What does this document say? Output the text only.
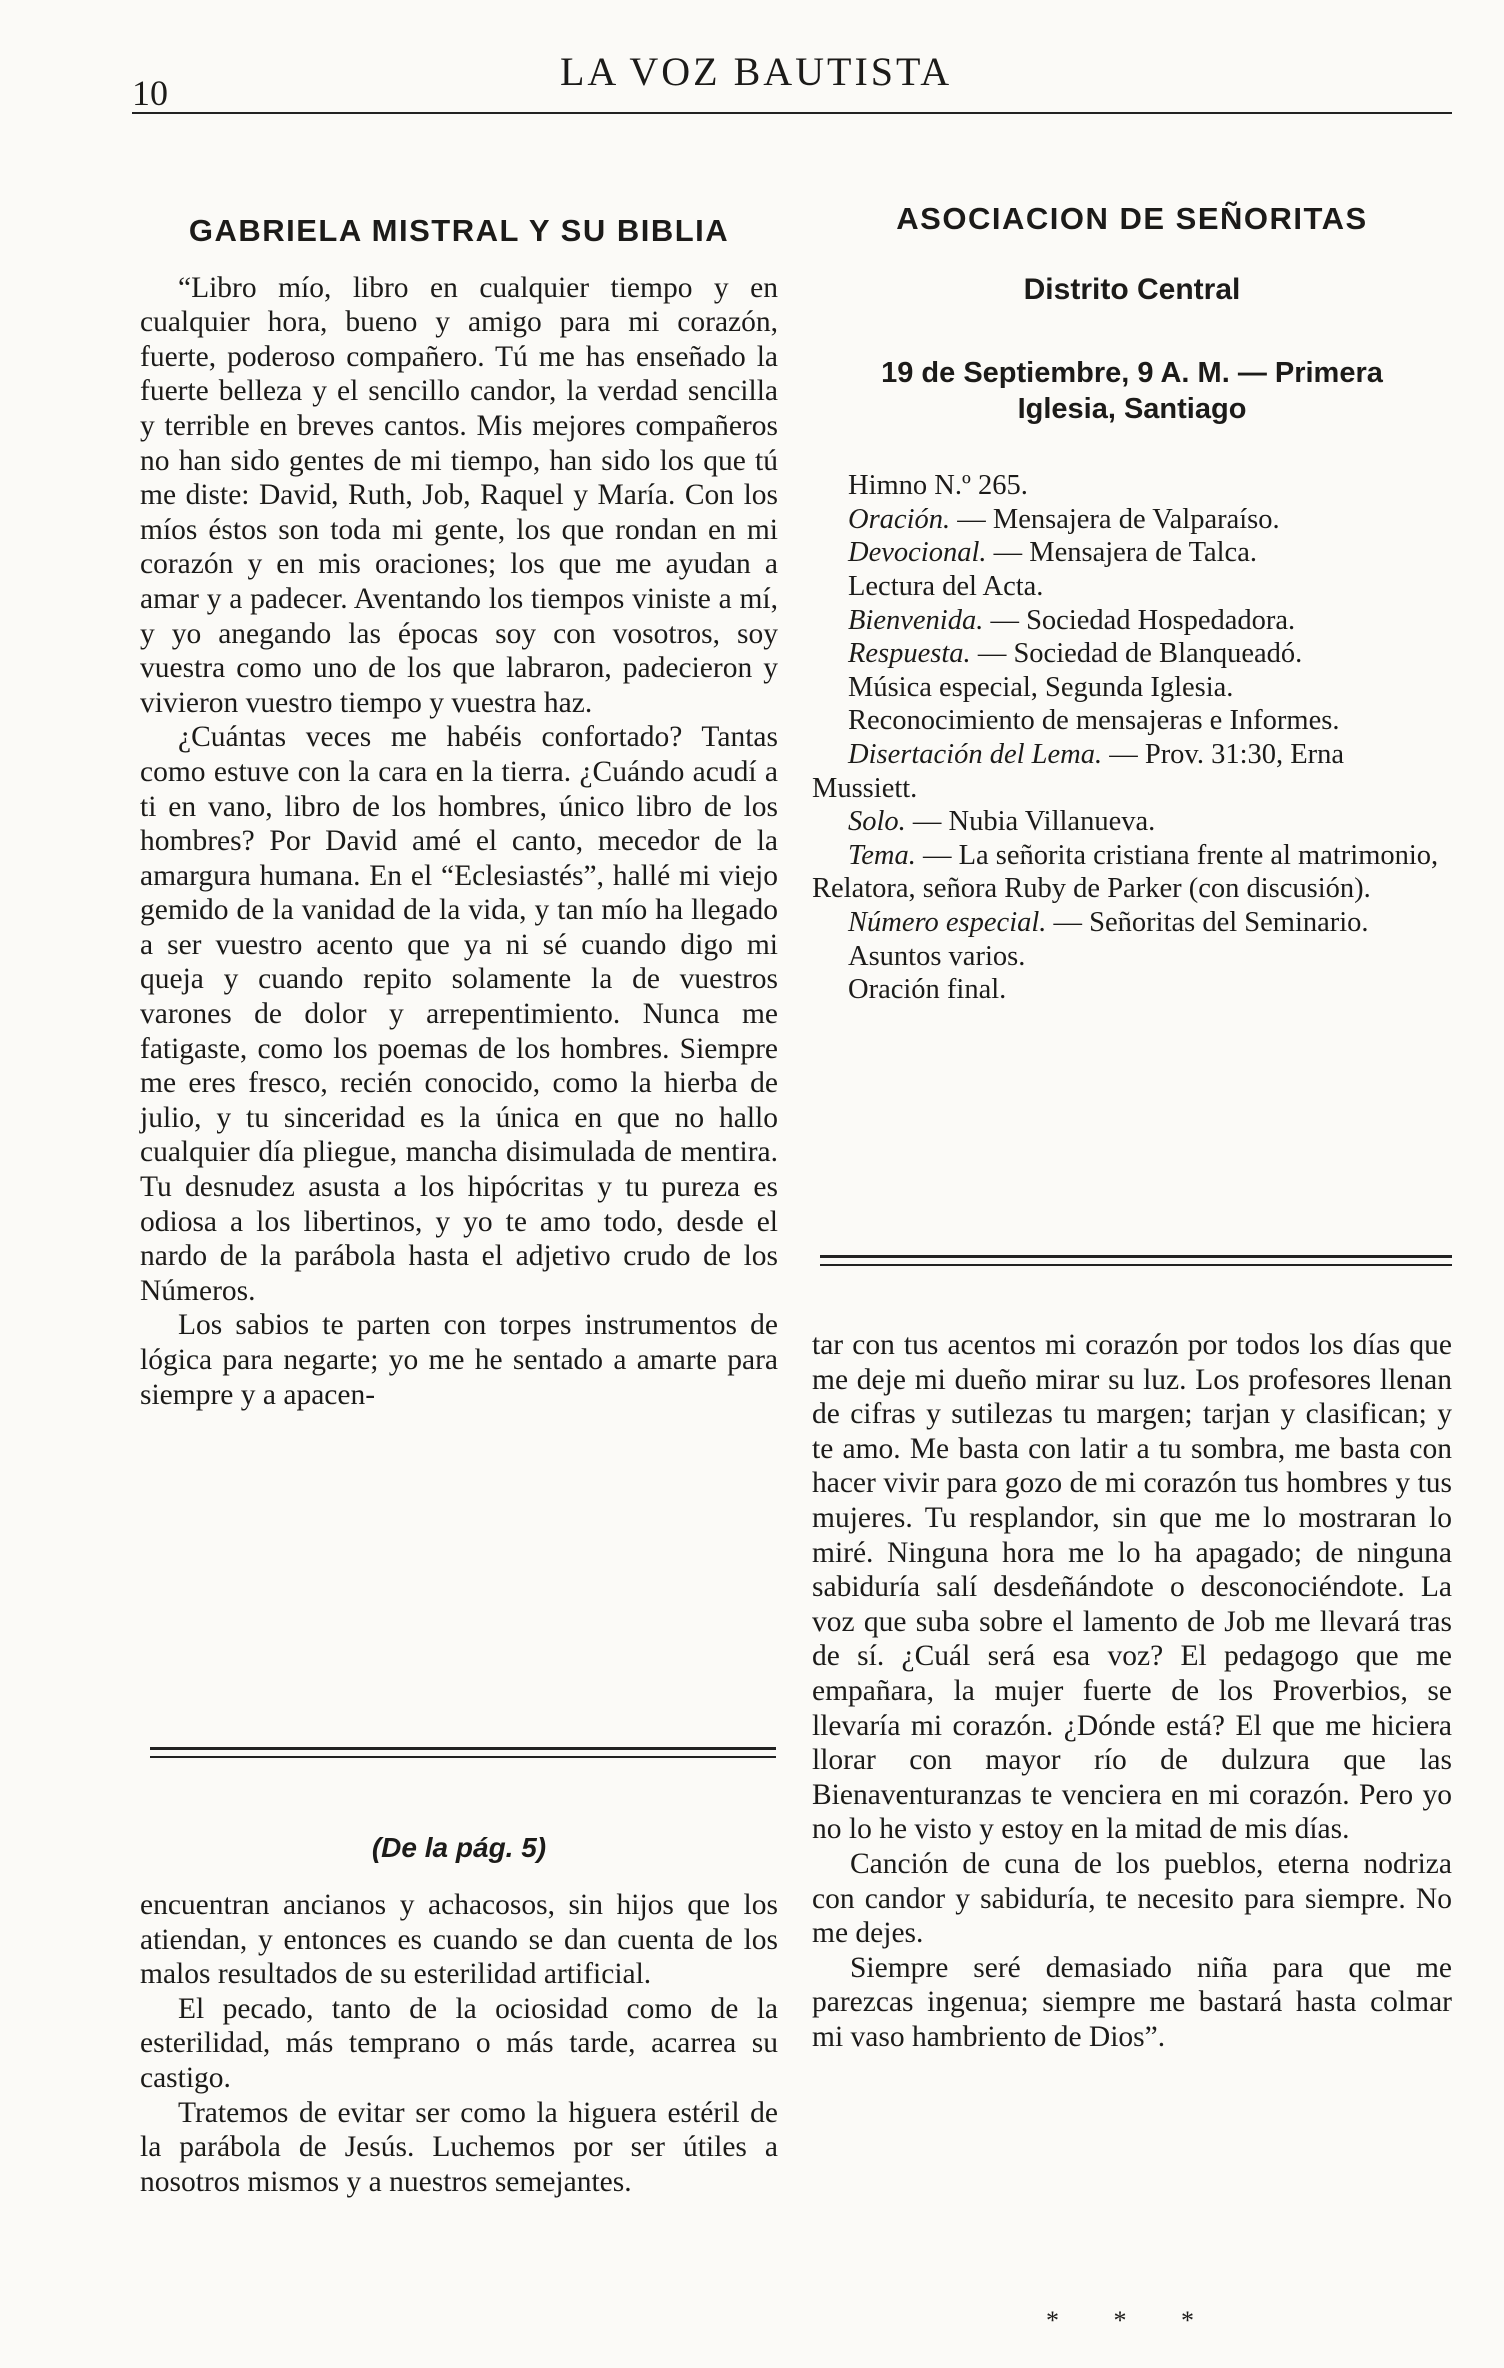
10	LA VOZ BAUTISTA
GABRIELA MISTRAL Y SU BIBLIA

“Libro mío, libro en cualquier tiempo y en cualquier hora, bueno y amigo para mi corazón, fuerte, poderoso compañero. Tú me has enseñado la fuerte belleza y el sencillo candor, la verdad sencilla y terrible en breves cantos. Mis mejores compañeros no han sido gentes de mi tiempo, han sido los que tú me diste: David, Ruth, Job, Raquel y María. Con los míos éstos son toda mi gente, los que rondan en mi corazón y en mis oraciones; los que me ayudan a amar y a padecer. Aventando los tiempos viniste a mí, y yo anegando las épocas soy con vosotros, soy vuestra como uno de los que labraron, padecieron y vivieron vuestro tiempo y vuestra haz.

¿Cuántas veces me habéis confortado? Tantas como estuve con la cara en la tierra. ¿Cuándo acudí a ti en vano, libro de los hombres, único libro de los hombres? Por David amé el canto, mecedor de la amargura humana. En el “Eclesiastés”, hallé mi viejo gemido de la vanidad de la vida, y tan mío ha llegado a ser vuestro acento que ya ni sé cuando digo mi queja y cuando repito solamente la de vuestros varones de dolor y arrepentimiento. Nunca me fatigaste, como los poemas de los hombres. Siempre me eres fresco, recién conocido, como la hierba de julio, y tu sinceridad es la única en que no hallo cualquier día pliegue, mancha disimulada de mentira. Tu desnudez asusta a los hipócritas y tu pureza es odiosa a los libertinos, y yo te amo todo, desde el nardo de la parábola hasta el adjetivo crudo de los Números.

Los sabios te parten con torpes instrumentos de lógica para negarte; yo me he sentado a amarte para siempre y a apacen-

(De la pág. 5)

encuentran ancianos y achacosos, sin hijos que los atiendan, y entonces es cuando se dan cuenta de los malos resultados de su esterilidad artificial.

El pecado, tanto de la ociosidad como de la esterilidad, más temprano o más tarde, acarrea su castigo.

Tratemos de evitar ser como la higuera estéril de la parábola de Jesús. Luchemos por ser útiles a nosotros mismos y a nuestros semejantes.

ASOCIACION DE SEÑORITAS
Distrito Central
19 de Septiembre, 9 A. M. — Primera
Iglesia, Santiago
Himno N.º 265.
Oración. — Mensajera de Valparaíso.
Devocional. — Mensajera de Talca.
Lectura del Acta.
Bienvenida. — Sociedad Hospedadora.
Respuesta. — Sociedad de Blanqueadó.
Música especial, Segunda Iglesia.
Reconocimiento de mensajeras e Informes.
Disertación del Lema. — Prov. 31:30, Erna Mussiett.
Solo. — Nubia Villanueva.
Tema. — La señorita cristiana frente al matrimonio, Relatora, señora Ruby de Parker (con discusión).
Número especial. — Señoritas del Seminario.
Asuntos varios.
Oración final.

tar con tus acentos mi corazón por todos los días que me deje mi dueño mirar su luz. Los profesores llenan de cifras y sutilezas tu margen; tarjan y clasifican; y te amo. Me basta con latir a tu sombra, me basta con hacer vivir para gozo de mi corazón tus hombres y tus mujeres. Tu resplandor, sin que me lo mostraran lo miré. Ninguna hora me lo ha apagado; de ninguna sabiduría salí desdeñándote o desconociéndote. La voz que suba sobre el lamento de Job me llevará tras de sí. ¿Cuál será esa voz? El pedagogo que me empañara, la mujer fuerte de los Proverbios, se llevaría mi corazón. ¿Dónde está? El que me hiciera llorar con mayor río de dulzura que las Bienaventuranzas te venciera en mi corazón. Pero yo no lo he visto y estoy en la mitad de mis días.

Canción de cuna de los pueblos, eterna nodriza con candor y sabiduría, te necesito para siempre. No me dejes.

Siempre seré demasiado niña para que me parezcas ingenua; siempre me bastará hasta colmar mi vaso hambriento de Dios”.

* * *
